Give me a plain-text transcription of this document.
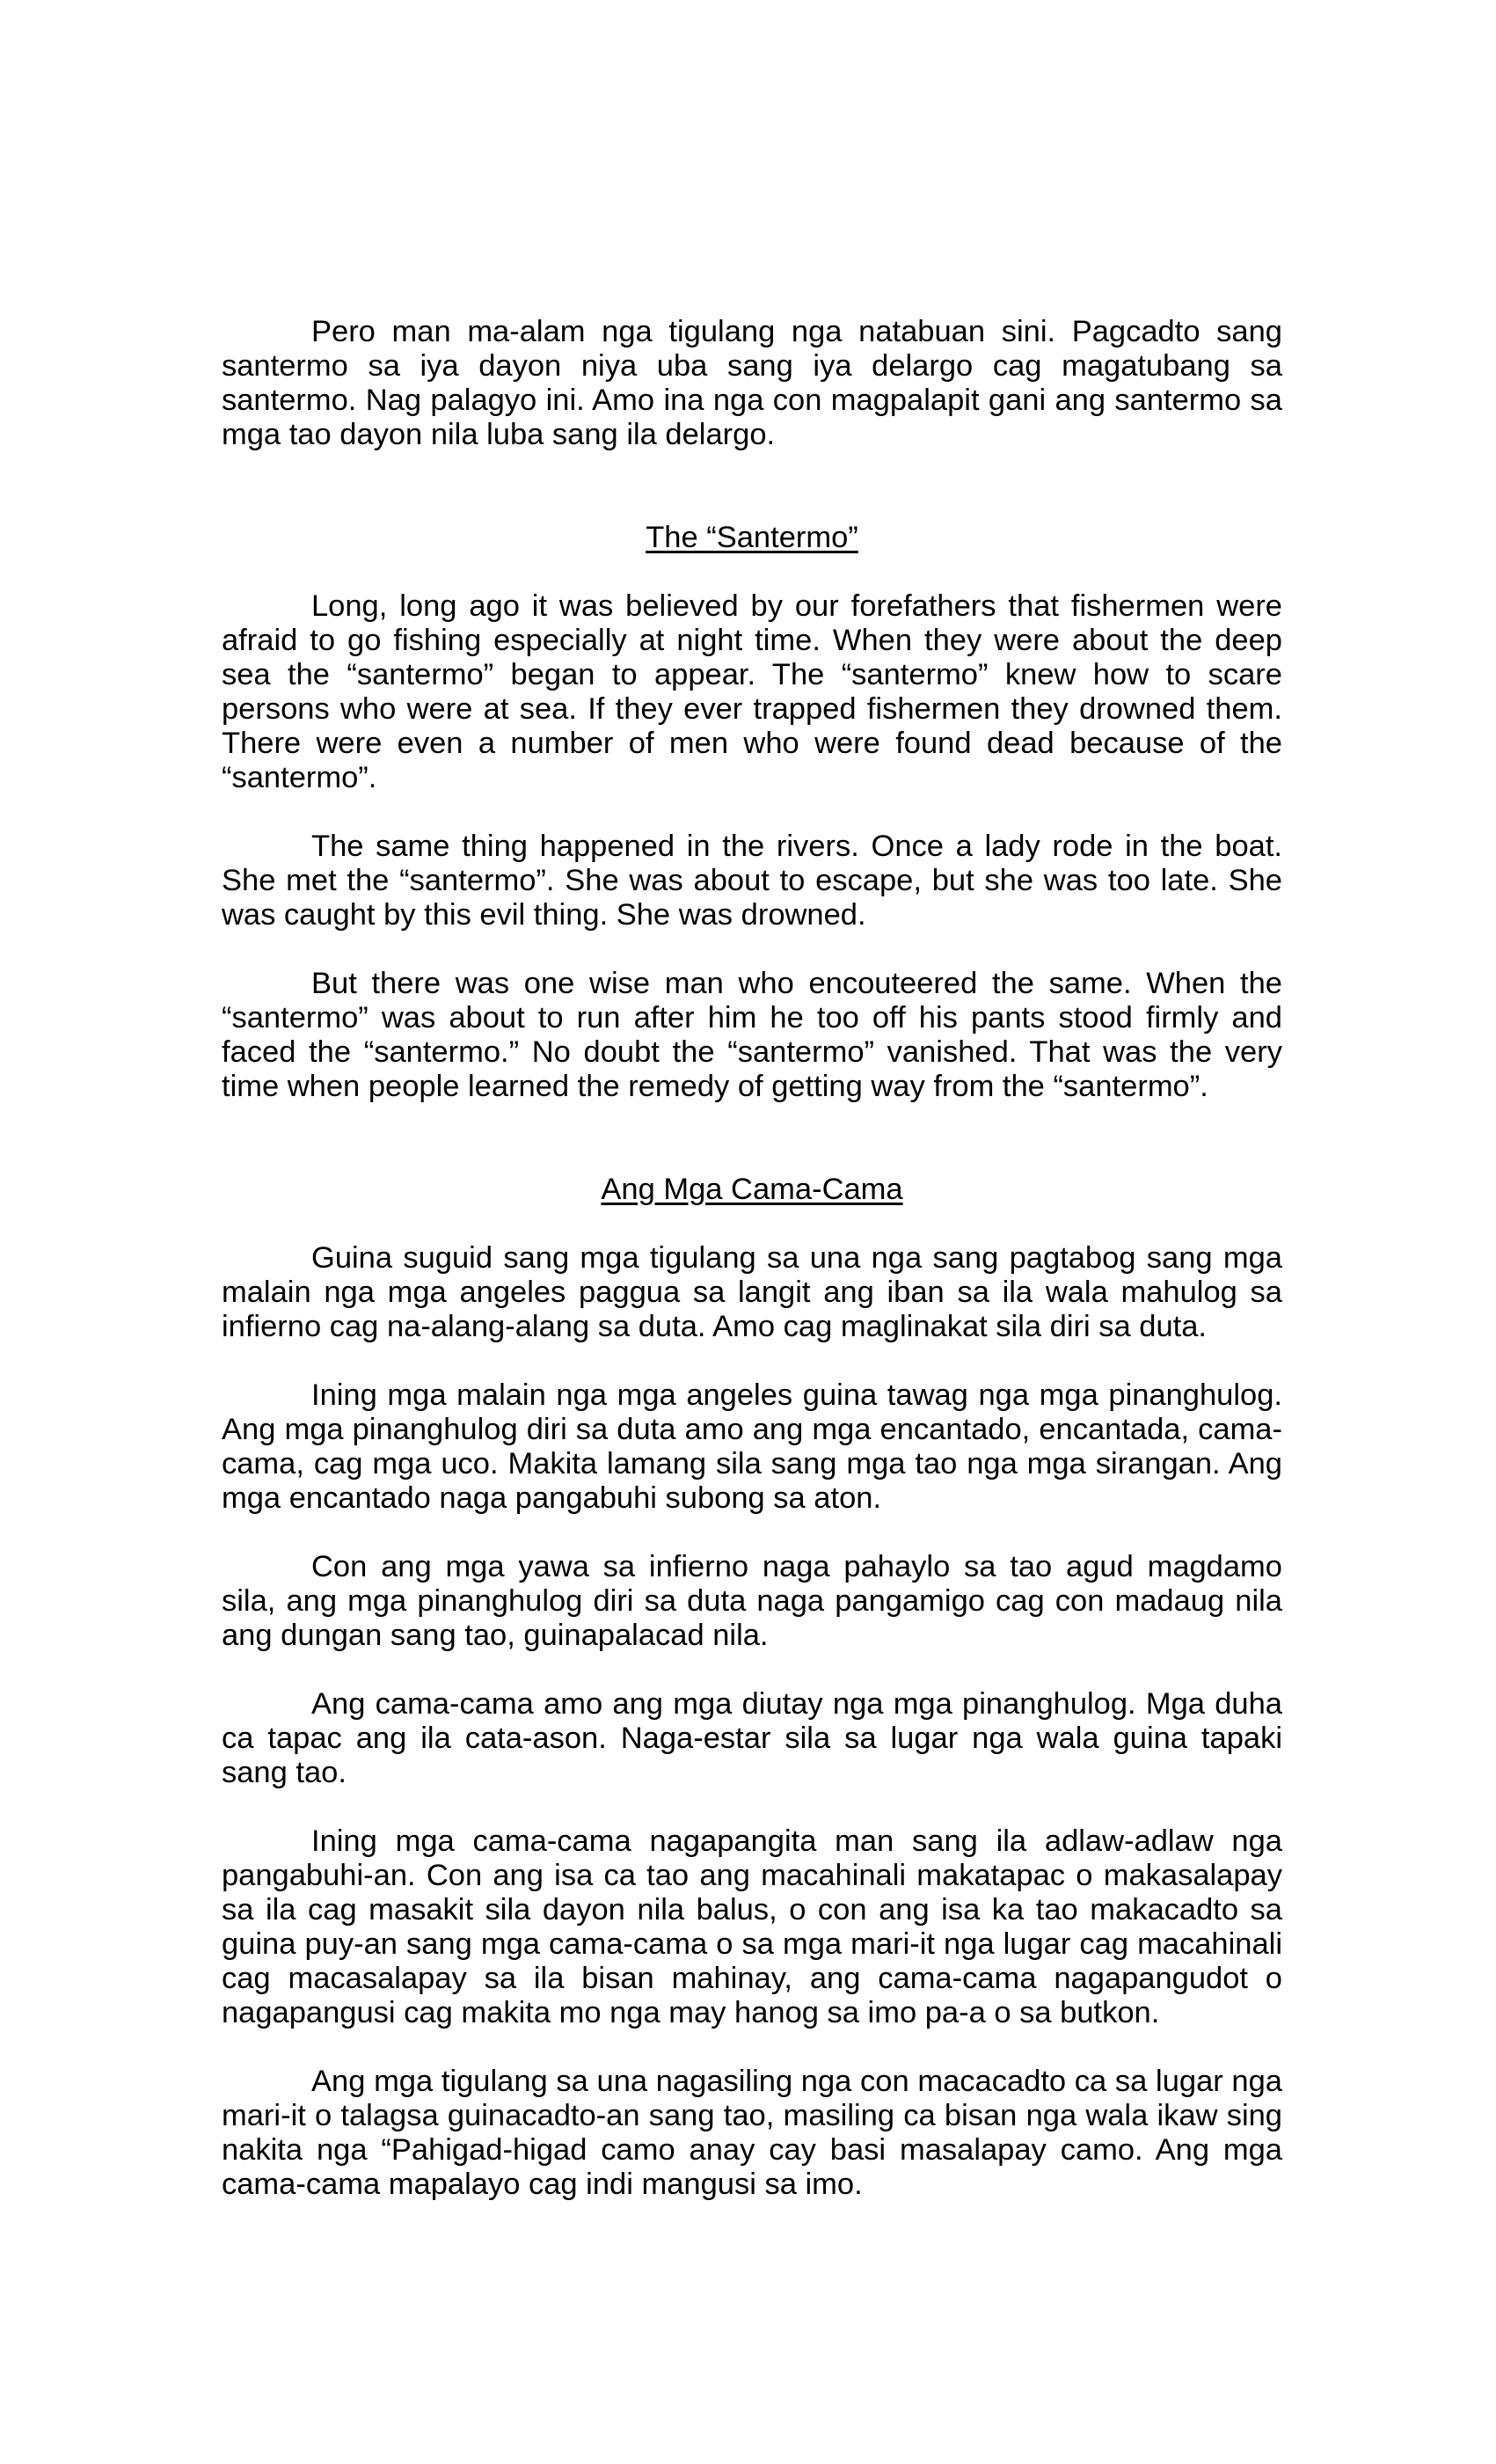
Pero man ma-alam nga tigulang nga natabuan sini. Pagcadto sang santermo sa iya dayon niya uba sang iya delargo cag magatubang sa santermo. Nag palagyo ini. Amo ina nga con magpalapit gani ang santermo sa mga tao dayon nila luba sang ila delargo.

The “Santermo”

Long, long ago it was believed by our forefathers that fishermen were afraid to go fishing especially at night time. When they were about the deep sea the “santermo” began to appear. The “santermo” knew how to scare persons who were at sea. If they ever trapped fishermen they drowned them. There were even a number of men who were found dead because of the “santermo”.

The same thing happened in the rivers. Once a lady rode in the boat. She met the “santermo”. She was about to escape, but she was too late. She was caught by this evil thing. She was drowned.

But there was one wise man who encouteered the same. When the “santermo” was about to run after him he too off his pants stood firmly and faced the “santermo.” No doubt the “santermo” vanished. That was the very time when people learned the remedy of getting way from the “santermo”.

Ang Mga Cama-Cama

Guina suguid sang mga tigulang sa una nga sang pagtabog sang mga malain nga mga angeles paggua sa langit ang iban sa ila wala mahulog sa infierno cag na-alang-alang sa duta. Amo cag maglinakat sila diri sa duta.

Ining mga malain nga mga angeles guina tawag nga mga pinanghulog. Ang mga pinanghulog diri sa duta amo ang mga encantado, encantada, cama-cama, cag mga uco. Makita lamang sila sang mga tao nga mga sirangan. Ang mga encantado naga pangabuhi subong sa aton.

Con ang mga yawa sa infierno naga pahaylo sa tao agud magdamo sila, ang mga pinanghulog diri sa duta naga pangamigo cag con madaug nila ang dungan sang tao, guinapalacad nila.

Ang cama-cama amo ang mga diutay nga mga pinanghulog. Mga duha ca tapac ang ila cata-ason. Naga-estar sila sa lugar nga wala guina tapaki sang tao.

Ining mga cama-cama nagapangita man sang ila adlaw-adlaw nga pangabuhi-an. Con ang isa ca tao ang macahinali makatapac o makasalapay sa ila cag masakit sila dayon nila balus, o con ang isa ka tao makacadto sa guina puy-an sang mga cama-cama o sa mga mari-it nga lugar cag macahinali cag macasalapay sa ila bisan mahinay, ang cama-cama nagapangudot o nagapangusi cag makita mo nga may hanog sa imo pa-a o sa butkon.

Ang mga tigulang sa una nagasiling nga con macacadto ca sa lugar nga mari-it o talagsa guinacadto-an sang tao, masiling ca bisan nga wala ikaw sing nakita nga “Pahigad-higad camo anay cay basi masalapay camo. Ang mga cama-cama mapalayo cag indi mangusi sa imo.
